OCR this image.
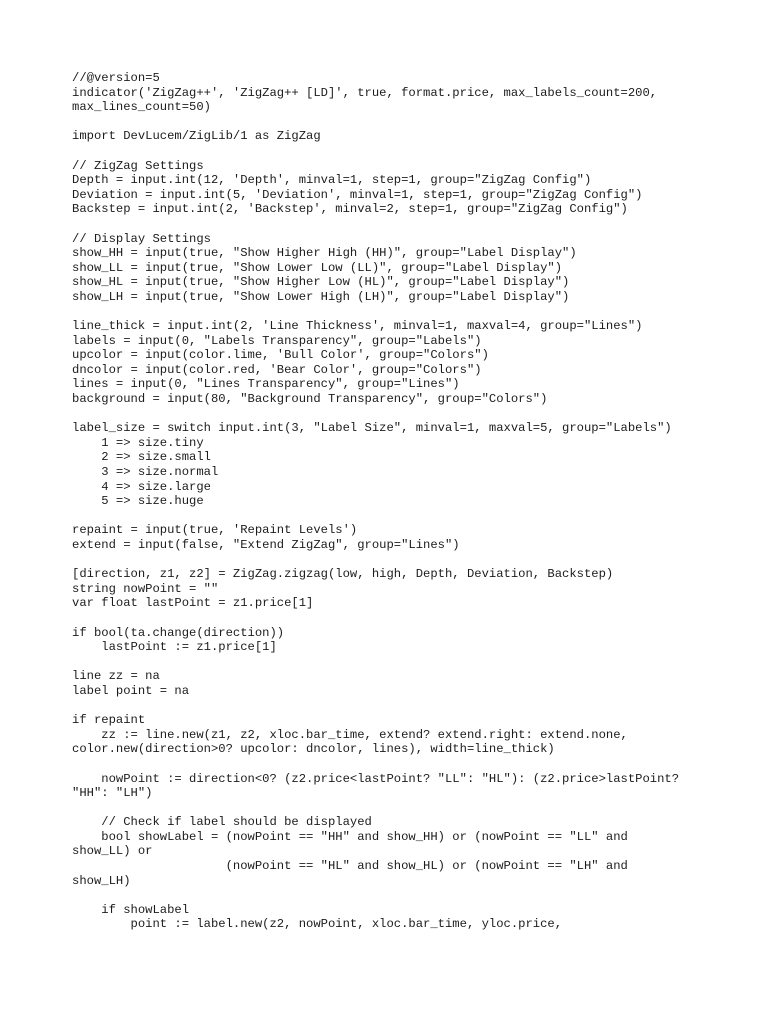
//@version=5
indicator('ZigZag++', 'ZigZag++ [LD]', true, format.price, max_labels_count=200,
max_lines_count=50)
import DevLucem/ZigLib/1 as ZigZag
// ZigZag Settings
Depth = input.int(12, 'Depth', minval=1, step=1, group="ZigZag Config")
Deviation = input.int(5, 'Deviation', minval=1, step=1, group="ZigZag Config")
Backstep = input.int(2, 'Backstep', minval=2, step=1, group="ZigZag Config")
// Display Settings
show_HH = input(true, "Show Higher High (HH)", group="Label Display")
show_LL = input(true, "Show Lower Low (LL)", group="Label Display")
show_HL = input(true, "Show Higher Low (HL)", group="Label Display")
show_LH = input(true, "Show Lower High (LH)", group="Label Display")
line_thick = input.int(2, 'Line Thickness', minval=1, maxval=4, group="Lines")
labels = input(0, "Labels Transparency", group="Labels")
upcolor = input(color.lime, 'Bull Color', group="Colors")
dncolor = input(color.red, 'Bear Color', group="Colors")
lines = input(0, "Lines Transparency", group="Lines")
background = input(80, "Background Transparency", group="Colors")
label_size = switch input.int(3, "Label Size", minval=1, maxval=5, group="Labels")
1 => size.tiny
2 => size.small
3 => size.normal
4 => size.large
5 => size.huge
repaint = input(true, 'Repaint Levels')
extend = input(false, "Extend ZigZag", group="Lines")
[direction, z1, z2] = ZigZag.zigzag(low, high, Depth, Deviation, Backstep)
string nowPoint = ""
var float lastPoint = z1.price[1]
if bool(ta.change(direction))
lastPoint := z1.price[1]
line zz = na
label point = na
if repaint
zz := line.new(z1, z2, xloc.bar_time, extend? extend.right: extend.none,
color.new(direction>0? upcolor: dncolor, lines), width=line_thick)
nowPoint := direction<0? (z2.price<lastPoint? "LL": "HL"): (z2.price>lastPoint?
"HH": "LH")
// Check if label should be displayed
bool showLabel = (nowPoint == "HH" and show_HH) or (nowPoint == "LL" and
show_LL) or
(nowPoint == "HL" and show_HL) or (nowPoint == "LH" and
show_LH)
if showLabel
point := label.new(z2, nowPoint, xloc.bar_time, yloc.price,
